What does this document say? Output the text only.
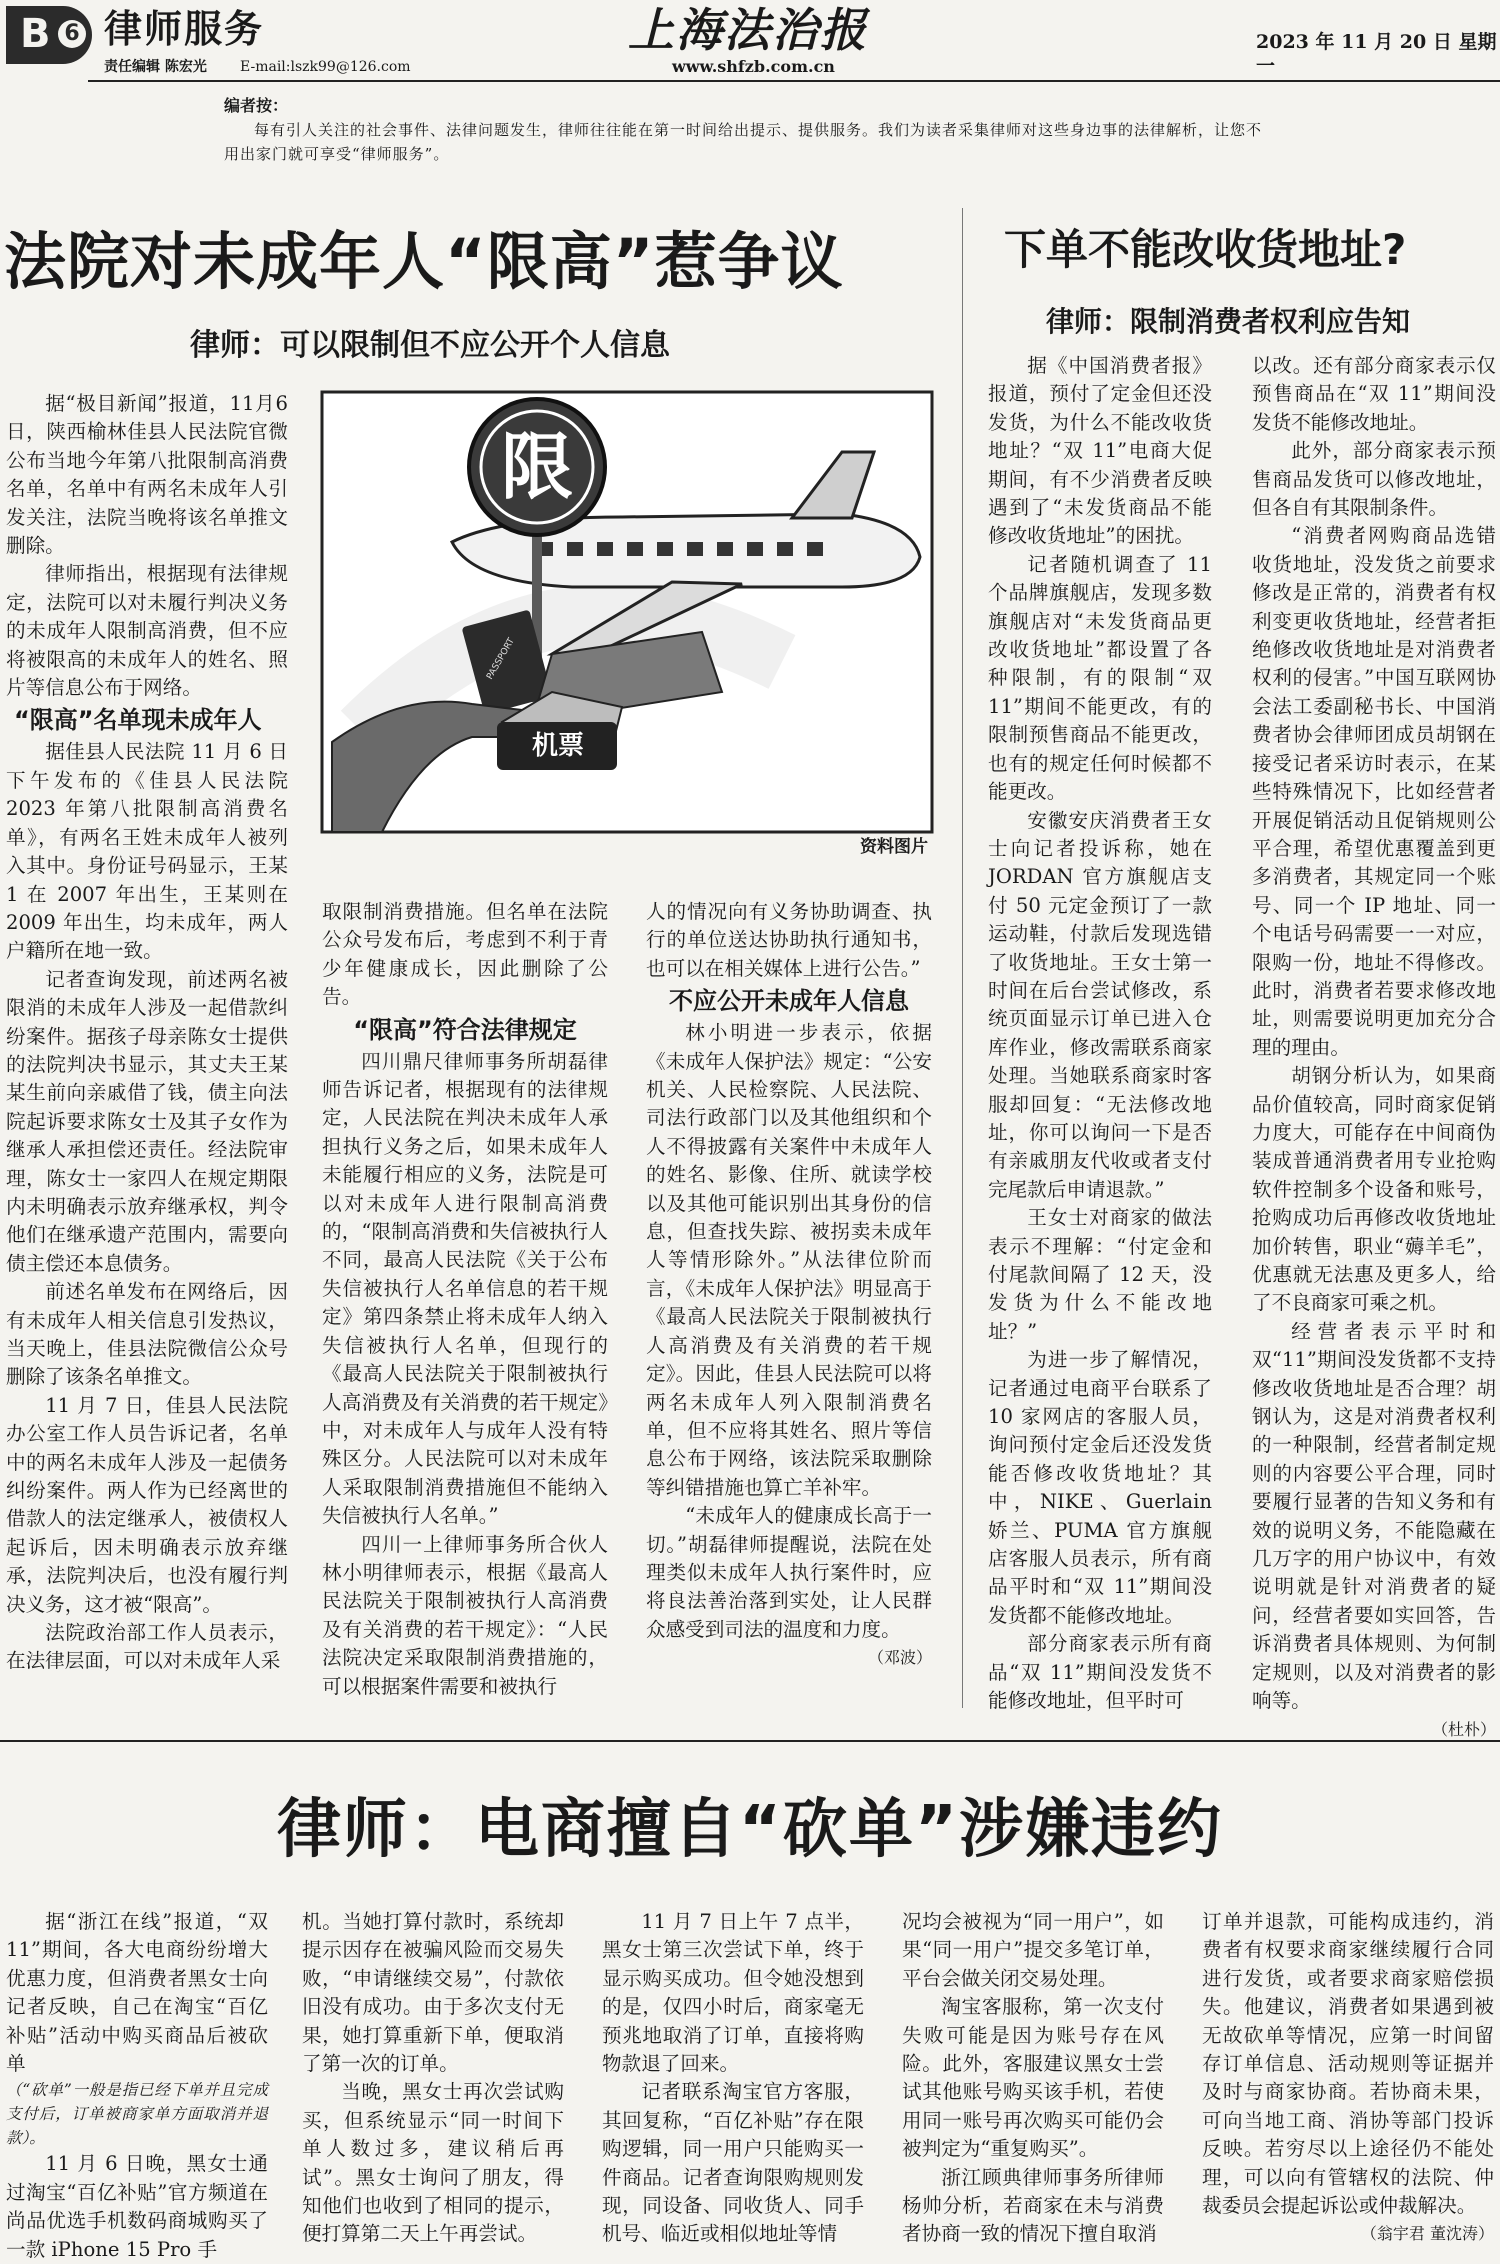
B 6 律师服务
责任编辑 陈宏光 E-mail:lszk99@126.com
上海法治报
www.shfzb.com.cn
2023 年 11 月 20 日 星期一
编者按：
每有引人关注的社会事件、法律问题发生，律师往往能在第一时间给出提示、提供服务。我们为读者采集律师对这些身边事的法律解析，让您不用出家门就可享受“律师服务”。
法院对未成年人“限高”惹争议
律师：可以限制但不应公开个人信息
限
机票
PASSPORT
资料图片

据“极目新闻”报道，11月6日，陕西榆林佳县人民法院官微公布当地今年第八批限制高消费名单，名单中有两名未成年人引发关注，法院当晚将该名单推文删除。

律师指出，根据现有法律规定，法院可以对未履行判决义务的未成年人限制高消费，但不应将被限高的未成年人的姓名、照片等信息公布于网络。

“限高”名单现未成年人

据佳县人民法院 11 月 6 日下午发布的《佳县人民法院2023 年第八批限制高消费名单》，有两名王姓未成年人被列入其中。身份证号码显示，王某1 在 2007 年出生，王某则在2009 年出生，均未成年，两人户籍所在地一致。

记者查询发现，前述两名被限消的未成年人涉及一起借款纠纷案件。据孩子母亲陈女士提供的法院判决书显示，其丈夫王某某生前向亲戚借了钱，债主向法院起诉要求陈女士及其子女作为继承人承担偿还责任。经法院审理，陈女士一家四人在规定期限内未明确表示放弃继承权，判令他们在继承遗产范围内，需要向债主偿还本息债务。

前述名单发布在网络后，因有未成年人相关信息引发热议，当天晚上，佳县法院微信公众号删除了该条名单推文。

11 月 7 日，佳县人民法院办公室工作人员告诉记者，名单中的两名未成年人涉及一起债务纠纷案件。两人作为已经离世的借款人的法定继承人，被债权人起诉后，因未明确表示放弃继承，法院判决后，也没有履行判决义务，这才被“限高”。

法院政治部工作人员表示，在法律层面，可以对未成年人采

取限制消费措施。但名单在法院公众号发布后，考虑到不利于青少年健康成长，因此删除了公告。

“限高”符合法律规定

四川鼎尺律师事务所胡磊律师告诉记者，根据现有的法律规定，人民法院在判决未成年人承担执行义务之后，如果未成年人未能履行相应的义务，法院是可以对未成年人进行限制高消费的，“限制高消费和失信被执行人不同，最高人民法院《关于公布失信被执行人名单信息的若干规定》第四条禁止将未成年人纳入失信被执行人名单，但现行的《最高人民法院关于限制被执行人高消费及有关消费的若干规定》中，对未成年人与成年人没有特殊区分。人民法院可以对未成年人采取限制消费措施但不能纳入失信被执行人名单。”

四川一上律师事务所合伙人林小明律师表示，根据《最高人民法院关于限制被执行人高消费及有关消费的若干规定》：“人民法院决定采取限制消费措施的，可以根据案件需要和被执行

人的情况向有义务协助调查、执行的单位送达协助执行通知书，也可以在相关媒体上进行公告。”

不应公开未成年人信息

林小明进一步表示，依据《未成年人保护法》规定：“公安机关、人民检察院、人民法院、司法行政部门以及其他组织和个人不得披露有关案件中未成年人的姓名、影像、住所、就读学校以及其他可能识别出其身份的信息，但查找失踪、被拐卖未成年人等情形除外。”从法律位阶而言，《未成年人保护法》明显高于《最高人民法院关于限制被执行人高消费及有关消费的若干规定》。因此，佳县人民法院可以将两名未成年人列入限制消费名单，但不应将其姓名、照片等信息公布于网络，该法院采取删除等纠错措施也算亡羊补牢。

“未成年人的健康成长高于一切。”胡磊律师提醒说，法院在处理类似未成年人执行案件时，应将良法善治落到实处，让人民群众感受到司法的温度和力度。

（邓波）

下单不能改收货地址?
律师：限制消费者权利应告知

据《中国消费者报》报道，预付了定金但还没发货，为什么不能改收货地址？“双 11”电商大促期间，有不少消费者反映遇到了“未发货商品不能修改收货地址”的困扰。

记者随机调查了 11 个品牌旗舰店，发现多数旗舰店对“未发货商品更改收货地址”都设置了各种限制，有的限制“双11”期间不能更改，有的限制预售商品不能更改，也有的规定任何时候都不能更改。

安徽安庆消费者王女士向记者投诉称，她在JORDAN 官方旗舰店支付 50 元定金预订了一款运动鞋，付款后发现选错了收货地址。王女士第一时间在后台尝试修改，系统页面显示订单已进入仓库作业，修改需联系商家处理。当她联系商家时客服却回复：“无法修改地址，你可以询问一下是否有亲戚朋友代收或者支付完尾款后申请退款。”

王女士对商家的做法表示不理解：“付定金和付尾款间隔了 12 天，没发货为什么不能改地址？”

为进一步了解情况，记者通过电商平台联系了10 家网店的客服人员，询问预付定金后还没发货能否修改收货地址？其中，NIKE、Guerlain 娇兰、PUMA 官方旗舰店客服人员表示，所有商品平时和“双 11”期间没发货都不能修改地址。

部分商家表示所有商品“双 11”期间没发货不能修改地址，但平时可

以改。还有部分商家表示仅预售商品在“双 11”期间没发货不能修改地址。

此外，部分商家表示预售商品发货可以修改地址，但各自有其限制条件。

“消费者网购商品选错收货地址，没发货之前要求修改是正常的，消费者有权利变更收货地址，经营者拒绝修改收货地址是对消费者权利的侵害。”中国互联网协会法工委副秘书长、中国消费者协会律师团成员胡钢在接受记者采访时表示，在某些特殊情况下，比如经营者开展促销活动且促销规则公平合理，希望优惠覆盖到更多消费者，其规定同一个账号、同一个 IP 地址、同一个电话号码需要一一对应，限购一份，地址不得修改。此时，消费者若要求修改地址，则需要说明更加充分合理的理由。

胡钢分析认为，如果商品价值较高，同时商家促销力度大，可能存在中间商伪装成普通消费者用专业抢购软件控制多个设备和账号，抢购成功后再修改收货地址加价转售，职业“薅羊毛”，优惠就无法惠及更多人，给了不良商家可乘之机。

经营者表示平时和双“11”期间没发货都不支持修改收货地址是否合理？胡钢认为，这是对消费者权利的一种限制，经营者制定规则的内容要公平合理，同时要履行显著的告知义务和有效的说明义务，不能隐藏在几万字的用户协议中，有效说明就是针对消费者的疑问，经营者要如实回答，告诉消费者具体规则、为何制定规则，以及对消费者的影响等。

（杜朴）

律师：电商擅自“砍单”涉嫌违约

据“浙江在线”报道，“双 11”期间，各大电商纷纷增大优惠力度，但消费者黑女士向记者反映，自己在淘宝“百亿补贴”活动中购买商品后被砍单

（“砍单”一般是指已经下单并且完成支付后，订单被商家单方面取消并退款）。

11 月 6 日晚，黑女士通过淘宝“百亿补贴”官方频道在尚品优选手机数码商城购买了一款 iPhone 15 Pro 手

机。当她打算付款时，系统却提示因存在被骗风险而交易失败，“申请继续交易”，付款依旧没有成功。由于多次支付无果，她打算重新下单，便取消了第一次的订单。

当晚，黑女士再次尝试购买，但系统显示“同一时间下单人数过多，建议稍后再试”。黑女士询问了朋友，得知他们也收到了相同的提示，便打算第二天上午再尝试。

11 月 7 日上午 7 点半，黑女士第三次尝试下单，终于显示购买成功。但令她没想到的是，仅四小时后，商家毫无预兆地取消了订单，直接将购物款退了回来。

记者联系淘宝官方客服，其回复称，“百亿补贴”存在限购逻辑，同一用户只能购买一件商品。记者查询限购规则发现，同设备、同收货人、同手机号、临近或相似地址等情

况均会被视为“同一用户”，如果“同一用户”提交多笔订单，平台会做关闭交易处理。

淘宝客服称，第一次支付失败可能是因为账号存在风险。此外，客服建议黑女士尝试其他账号购买该手机，若使用同一账号再次购买可能仍会被判定为“重复购买”。

浙江顾典律师事务所律师杨帅分析，若商家在未与消费者协商一致的情况下擅自取消

订单并退款，可能构成违约，消费者有权要求商家继续履行合同进行发货，或者要求商家赔偿损失。他建议，消费者如果遇到被无故砍单等情况，应第一时间留存订单信息、活动规则等证据并及时与商家协商。若协商未果，可向当地工商、消协等部门投诉反映。若穷尽以上途径仍不能处理，可以向有管辖权的法院、仲裁委员会提起诉讼或仲裁解决。

（翁宇君 董沈涛）
